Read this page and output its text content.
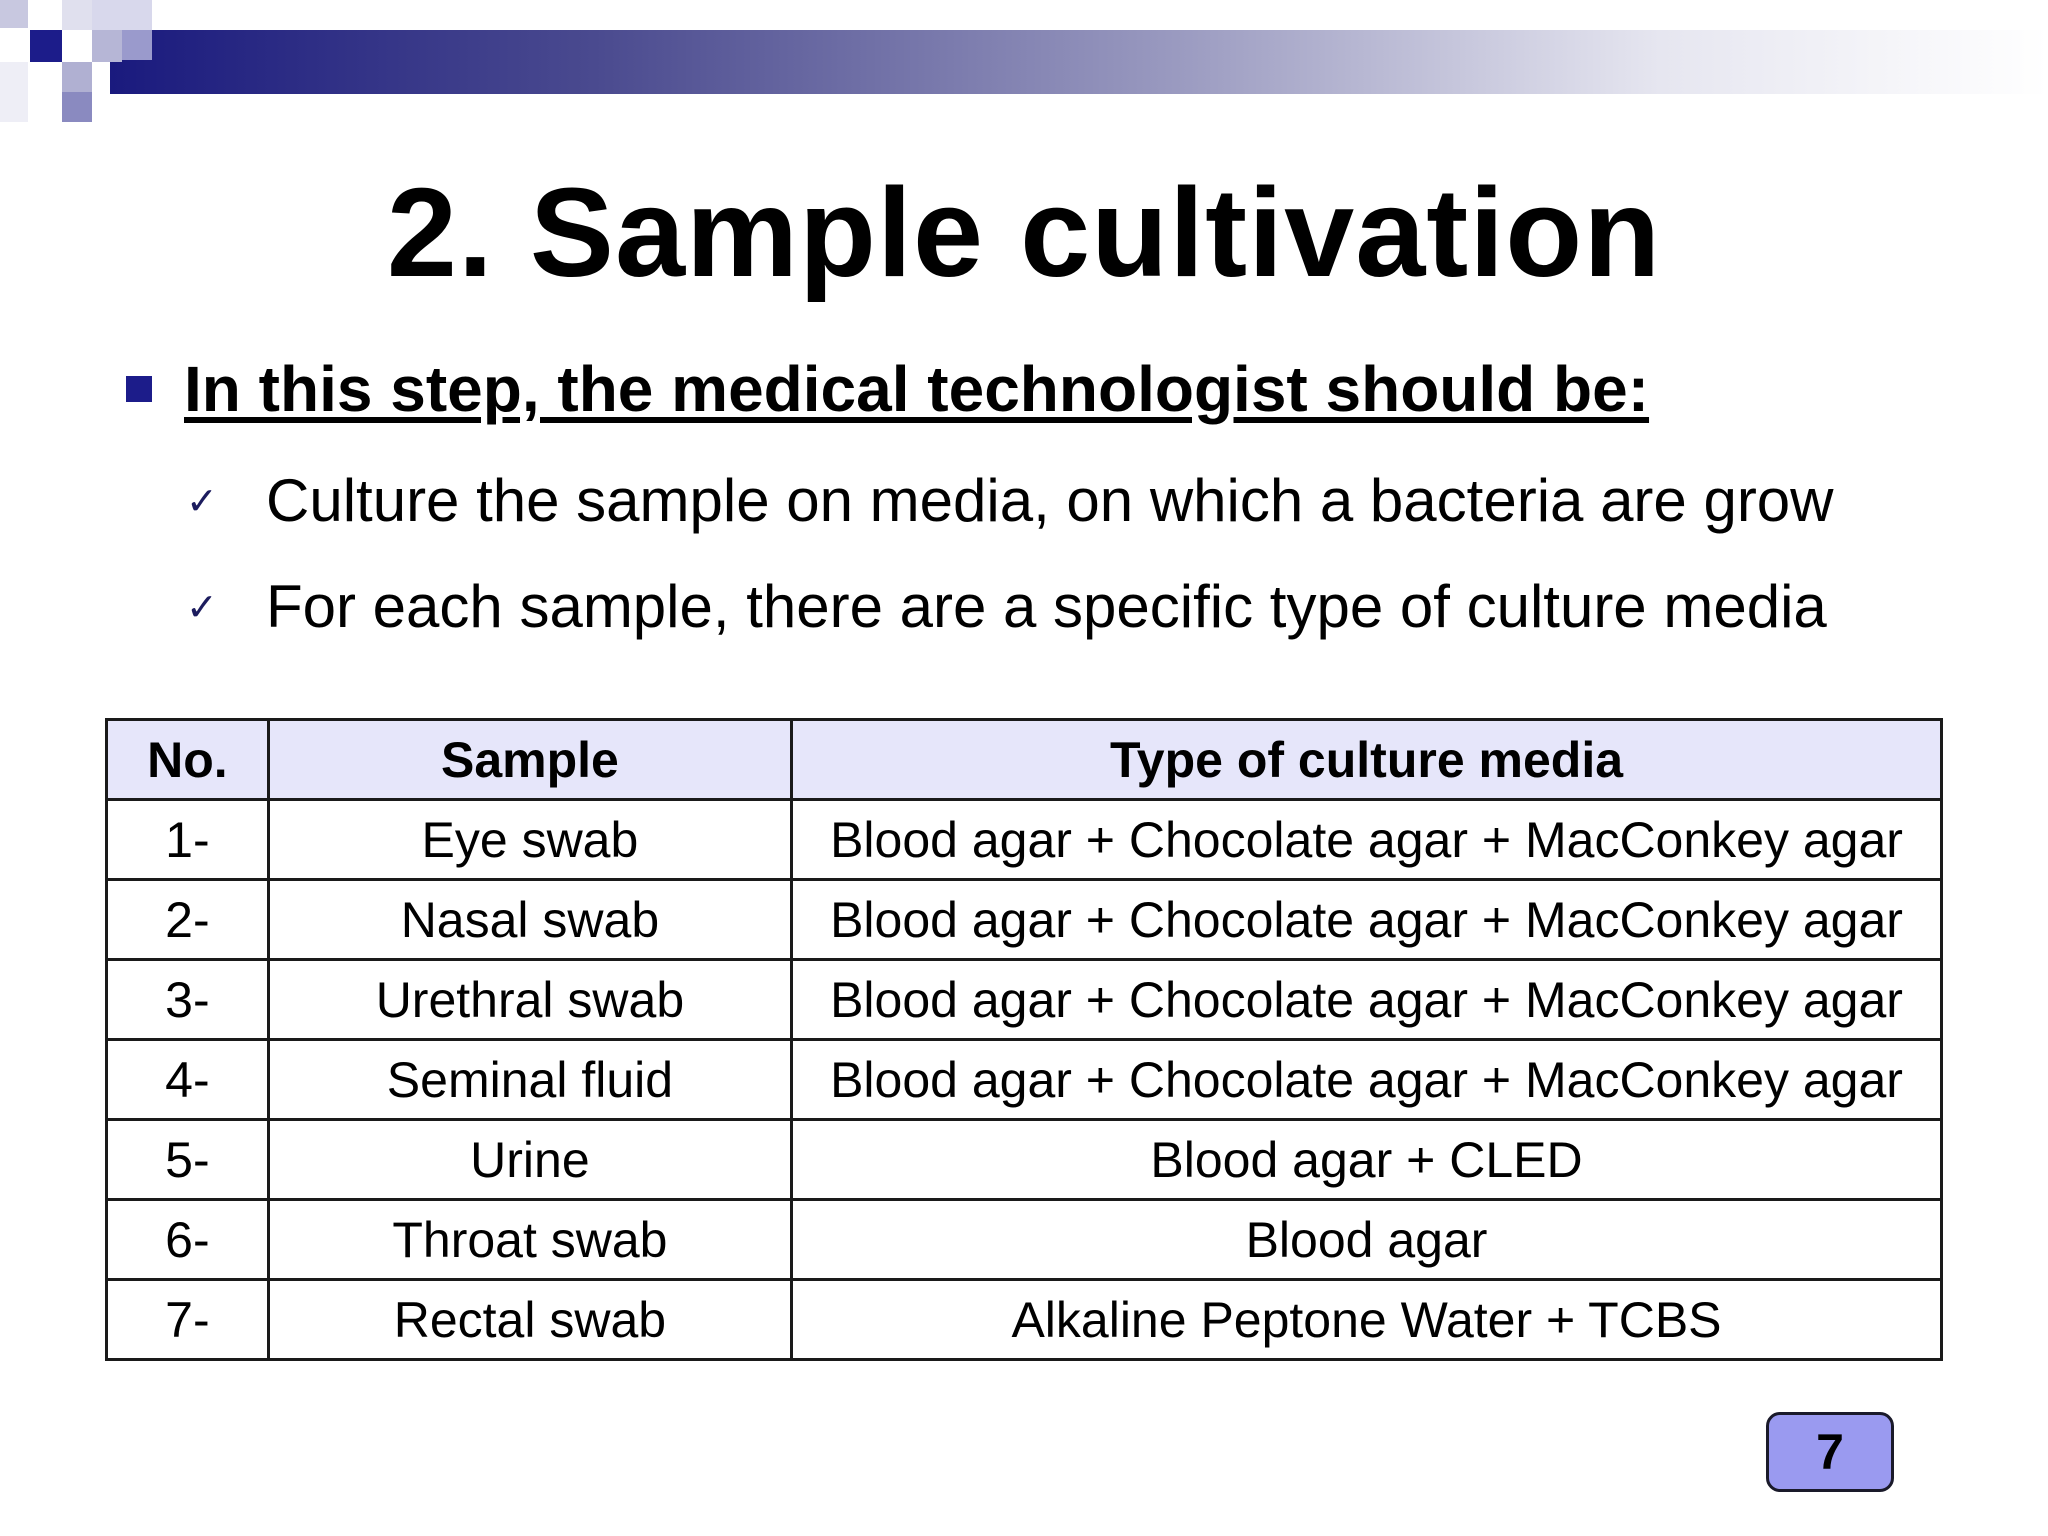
2. Sample cultivation
In this step, the medical technologist should be:
✓ Culture the sample on media, on which a bacteria are grow
✓ For each sample, there are a specific type of culture media
No.	Sample	Type of culture media
1-	Eye swab	Blood agar + Chocolate agar + MacConkey agar
2-	Nasal swab	Blood agar + Chocolate agar + MacConkey agar
3-	Urethral swab	Blood agar + Chocolate agar + MacConkey agar
4-	Seminal fluid	Blood agar + Chocolate agar + MacConkey agar
5-	Urine	Blood agar + CLED
6-	Throat swab	Blood agar
7-	Rectal swab	Alkaline Peptone Water + TCBS
7
